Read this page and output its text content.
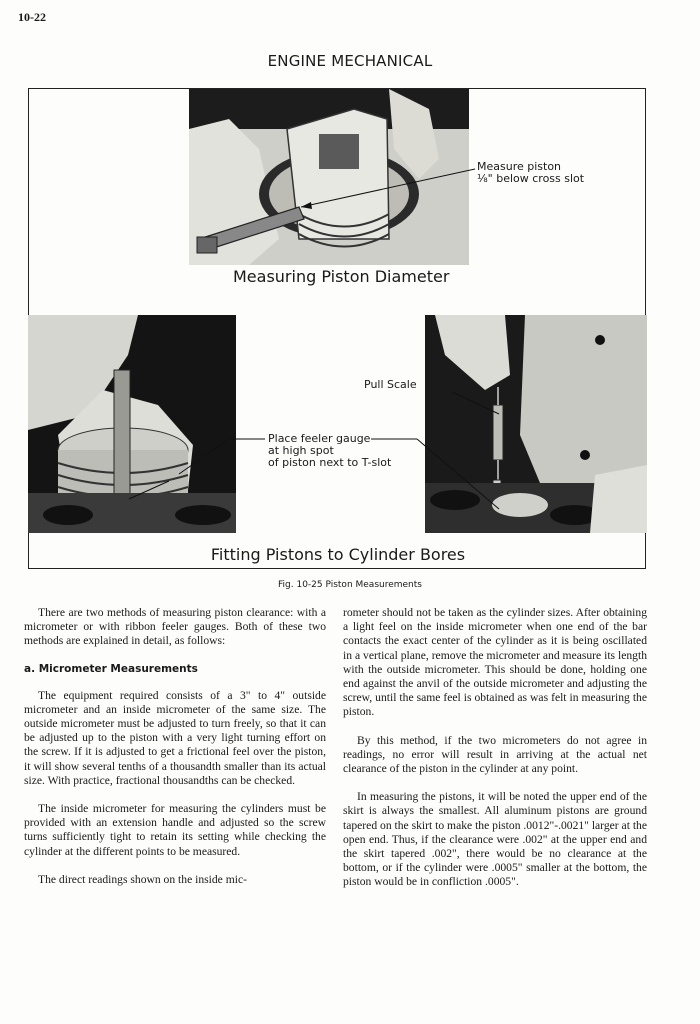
10-22
ENGINE MECHANICAL
Measure piston
⅛" below cross slot
Measuring Piston Diameter
Pull Scale
Place feeler gauge
at high spot
of piston next to T-slot
Fitting Pistons to Cylinder Bores
Fig. 10-25 Piston Measurements

There are two methods of measuring piston clearance: with a micrometer or with ribbon feeler gauges. Both of these two methods are explained in detail, as follows:

a. Micrometer Measurements

The equipment required consists of a 3" to 4" outside micrometer and an inside micrometer of the same size. The outside micrometer must be adjusted to turn freely, so that it can be adjusted up to the piston with a very light turning effort on the screw. If it is adjusted to get a frictional feel over the piston, it will show several tenths of a thousandth smaller than its actual size. With practice, fractional thousandths can be checked.

The inside micrometer for measuring the cylinders must be provided with an extension handle and adjusted so the screw turns sufficiently tight to retain its setting while checking the cylinder at the different points to be measured.

The direct readings shown on the inside mic-

rometer should not be taken as the cylinder sizes. After obtaining a light feel on the inside micrometer when one end of the bar contacts the exact center of the cylinder as it is being oscillated in a vertical plane, remove the micrometer and measure its length with the outside micrometer. This should be done, holding one end against the anvil of the outside micrometer and adjusting the screw, until the same feel is obtained as was felt in measuring the piston.

By this method, if the two micrometers do not agree in readings, no error will result in arriving at the actual net clearance of the piston in the cylinder at any point.

In measuring the pistons, it will be noted the upper end of the skirt is always the smallest. All aluminum pistons are ground tapered on the skirt to make the piston .0012"-.0021" larger at the open end. Thus, if the clearance were .002" at the upper end and the skirt tapered .002", there would be no clearance at the bottom, or if the cylinder were .0005" smaller at the bottom, the piston would be in confliction .0005".
